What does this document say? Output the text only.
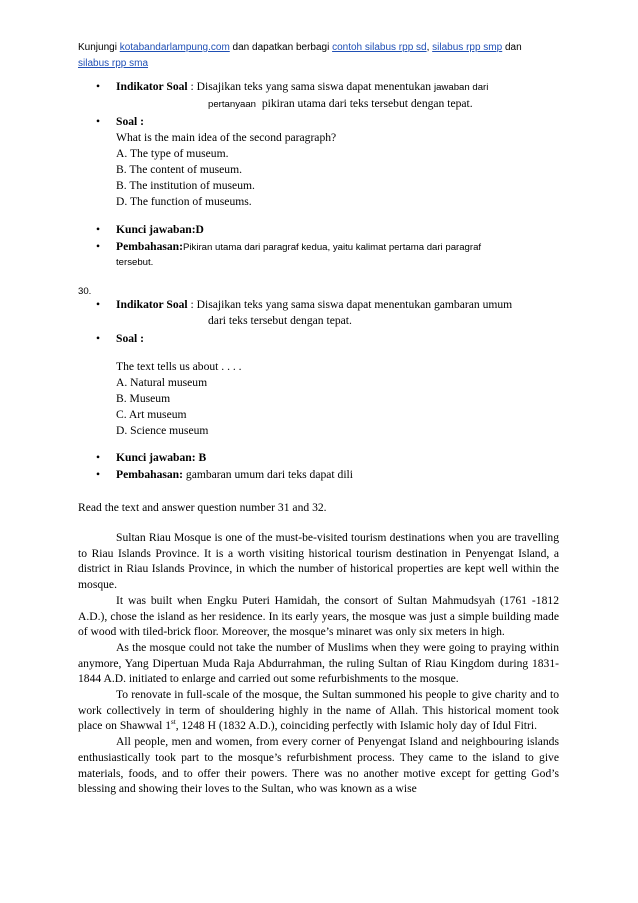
Kunjungi kotabandarlampung.com dan dapatkan berbagi contoh silabus rpp sd, silabus rpp smp dan
silabus rpp sma
• Indikator Soal : Disajikan teks yang sama siswa dapat menentukan jawaban dari
pertanyaan pikiran utama dari teks tersebut dengan tepat.
• Soal :
What is the main idea of the second paragraph?
A. The type of museum.
B. The content of museum.
B. The institution of museum.
D. The function of museums.
• Kunci jawaban:D
• Pembahasan:Pikiran utama dari paragraf kedua, yaitu kalimat pertama dari paragraf
tersebut.
30.
• Indikator Soal : Disajikan teks yang sama siswa dapat menentukan gambaran umum
dari teks tersebut dengan tepat.
• Soal :
The text tells us about . . . .
A. Natural museum
B. Museum
C. Art museum
D. Science museum
• Kunci jawaban: B
• Pembahasan: gambaran umum dari teks dapat dili
Read the text and answer question number 31 and 32.

Sultan Riau Mosque is one of the must-be-visited tourism destinations when you are travelling to Riau Islands Province. It is a worth visiting historical tourism destination in Penyengat Island, a district in Riau Islands Province, in which the number of historical properties are kept well within the mosque.

It was built when Engku Puteri Hamidah, the consort of Sultan Mahmudsyah (1761 -1812 A.D.), chose the island as her residence. In its early years, the mosque was just a simple building made of wood with tiled-brick floor. Moreover, the mosque’s minaret was only six meters in high.

As the mosque could not take the number of Muslims when they were going to praying within anymore, Yang Dipertuan Muda Raja Abdurrahman, the ruling Sultan of Riau Kingdom during 1831-1844 A.D. initiated to enlarge and carried out some refurbishments to the mosque.

To renovate in full-scale of the mosque, the Sultan summoned his people to give charity and to work collectively in term of shouldering highly in the name of Allah. This historical moment took place on Shawwal 1st, 1248 H (1832 A.D.), coinciding perfectly with Islamic holy day of Idul Fitri.

All people, men and women, from every corner of Penyengat Island and neighbouring islands enthusiastically took part to the mosque’s refurbishment process. They came to the island to give materials, foods, and to offer their powers. There was no another motive except for getting God’s blessing and showing their loves to the Sultan, who was known as a wise
